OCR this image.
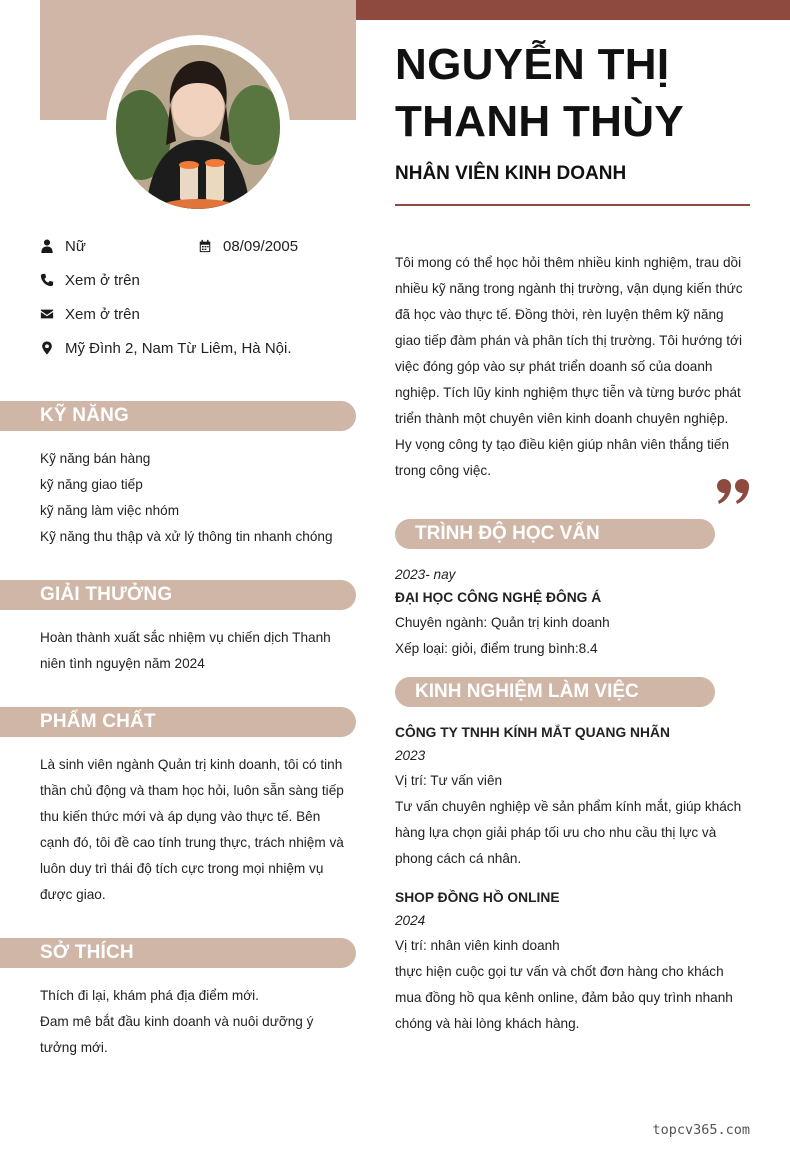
Nữ	08/09/2005
Xem ở trên
Xem ở trên
Mỹ Đình 2, Nam Từ Liêm, Hà Nội.
KỸ NĂNG

Kỹ năng bán hàng

kỹ năng giao tiếp

kỹ năng làm việc nhóm

Kỹ năng thu thập và xử lý thông tin nhanh chóng

GIẢI THƯỞNG

Hoàn thành xuất sắc nhiệm vụ chiến dịch Thanh

niên tình nguyện năm 2024

PHẨM CHẤT

Là sinh viên ngành Quản trị kinh doanh, tôi có tinh

thần chủ động và tham học hỏi, luôn sẵn sàng tiếp

thu kiến thức mới và áp dụng vào thực tế. Bên

cạnh đó, tôi đề cao tính trung thực, trách nhiệm và

luôn duy trì thái độ tích cực trong mọi nhiệm vụ

được giao.

SỞ THÍCH

Thích đi lại, khám phá địa điểm mới.

Đam mê bắt đầu kinh doanh và nuôi dưỡng ý

tưởng mới.

NGUYỄN THỊ
THANH THÙY
NHÂN VIÊN KINH DOANH

Tôi mong có thể học hỏi thêm nhiều kinh nghiệm, trau dồi

nhiều kỹ năng trong ngành thị trường, vận dụng kiến thức

đã học vào thực tế. Đồng thời, rèn luyện thêm kỹ năng

giao tiếp đàm phán và phân tích thị trường. Tôi hướng tới

việc đóng góp vào sự phát triển doanh số của doanh

nghiệp. Tích lũy kinh nghiệm thực tiễn và từng bước phát

triển thành một chuyên viên kinh doanh chuyên nghiệp.

Hy vọng công ty tạo điều kiện giúp nhân viên thắng tiến

trong công việc.

TRÌNH ĐỘ HỌC VẤN
2023- nay
ĐẠI HỌC CÔNG NGHỆ ĐÔNG Á
Chuyên ngành: Quản trị kinh doanh
Xếp loại: giỏi, điểm trung bình:8.4
KINH NGHIỆM LÀM VIỆC
CÔNG TY TNHH KÍNH MẮT QUANG NHÃN
2023
Vị trí: Tư vấn viên
Tư vấn chuyên nghiệp về sản phẩm kính mắt, giúp khách
hàng lựa chọn giải pháp tối ưu cho nhu cầu thị lực và
phong cách cá nhân.
SHOP ĐỒNG HỒ ONLINE
2024
Vị trí: nhân viên kinh doanh
thực hiện cuộc gọi tư vấn và chốt đơn hàng cho khách
mua đồng hồ qua kênh online, đảm bảo quy trình nhanh
chóng và hài lòng khách hàng.
topcv365.com
